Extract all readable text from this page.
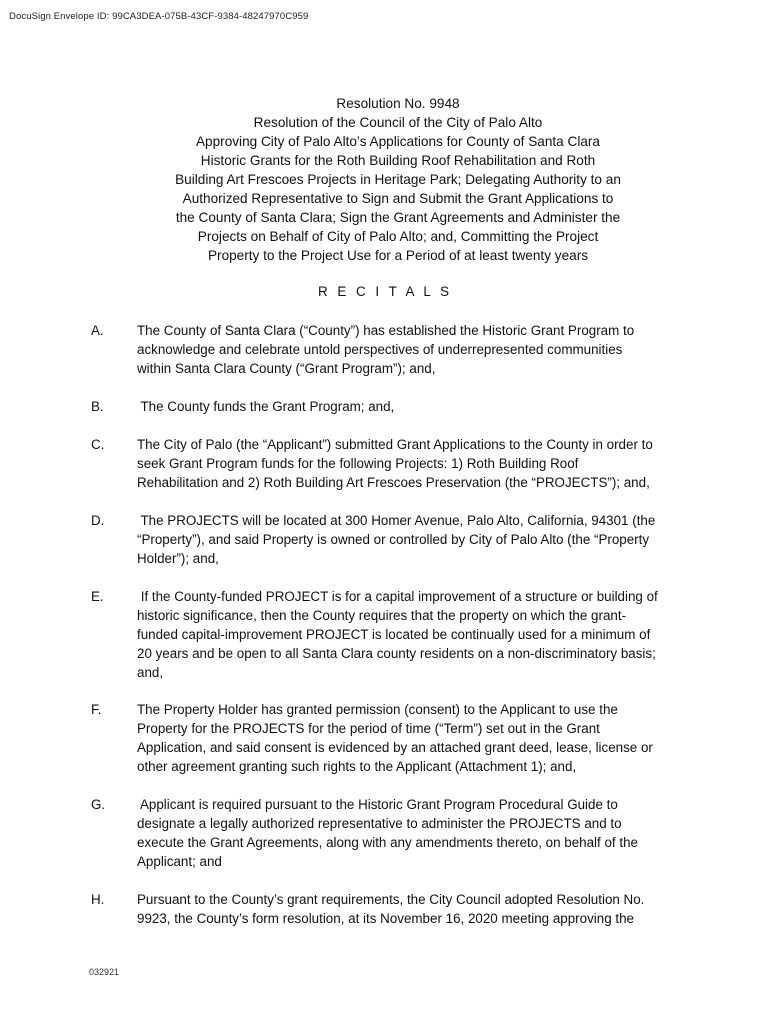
DocuSign Envelope ID: 99CA3DEA-075B-43CF-9384-48247970C959
Resolution No. 9948
Resolution of the Council of the City of Palo Alto
Approving City of Palo Alto’s Applications for County of Santa Clara
Historic Grants for the Roth Building Roof Rehabilitation and Roth
Building Art Frescoes Projects in Heritage Park; Delegating Authority to an
Authorized Representative to Sign and Submit the Grant Applications to
the County of Santa Clara; Sign the Grant Agreements and Administer the
Projects on Behalf of City of Palo Alto; and, Committing the Project
Property to the Project Use for a Period of at least twenty years
R E C I T A L S
A. The County of Santa Clara (“County”) has established the Historic Grant Program to
acknowledge and celebrate untold perspectives of underrepresented communities
within Santa Clara County (“Grant Program”); and,
B. The County funds the Grant Program; and,
C. The City of Palo (the “Applicant”) submitted Grant Applications to the County in order to
seek Grant Program funds for the following Projects: 1) Roth Building Roof
Rehabilitation and 2) Roth Building Art Frescoes Preservation (the “PROJECTS”); and,
D. The PROJECTS will be located at 300 Homer Avenue, Palo Alto, California, 94301 (the
“Property”), and said Property is owned or controlled by City of Palo Alto (the “Property
Holder”); and,
E. If the County-funded PROJECT is for a capital improvement of a structure or building of
historic significance, then the County requires that the property on which the grant-
funded capital-improvement PROJECT is located be continually used for a minimum of
20 years and be open to all Santa Clara county residents on a non-discriminatory basis;
and,
F.	The Property Holder has granted permission (consent) to the Applicant to use the
Property for the PROJECTS for the period of time (“Term”) set out in the Grant
Application, and said consent is evidenced by an attached grant deed, lease, license or
other agreement granting such rights to the Applicant (Attachment 1); and,
G. Applicant is required pursuant to the Historic Grant Program Procedural Guide to
designate a legally authorized representative to administer the PROJECTS and to
execute the Grant Agreements, along with any amendments thereto, on behalf of the
Applicant; and
H. Pursuant to the County’s grant requirements, the City Council adopted Resolution No.
9923, the County’s form resolution, at its November 16, 2020 meeting approving the
032921
